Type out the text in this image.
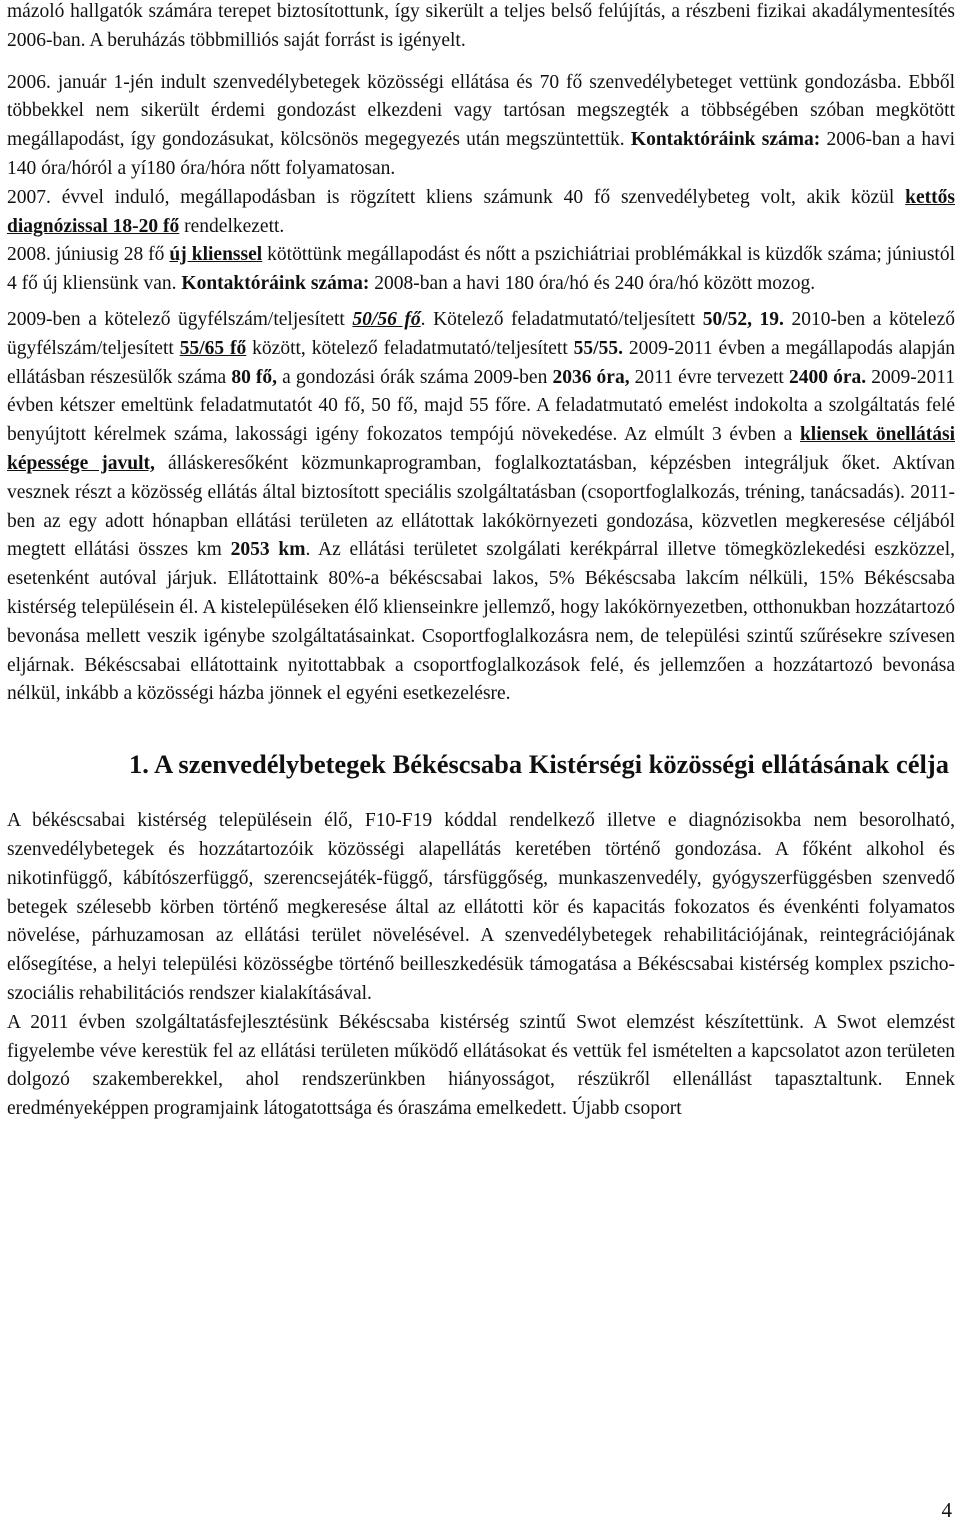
mázoló hallgatók számára terepet biztosítottunk, így sikerült a teljes belső felújítás, a részbeni fizikai akadálymentesítés 2006-ban. A beruházás többmilliós saját forrást is igényelt.

2006. január 1-jén indult szenvedélybetegek közösségi ellátása és 70 fő szenvedélybeteget vettünk gondozásba. Ebből többekkel nem sikerült érdemi gondozást elkezdeni vagy tartósan megszegték a többségében szóban megkötött megállapodást, így gondozásukat, kölcsönös megegyezés után megszüntettük. Kontaktóráink száma: 2006-ban a havi 140 óra/hóról a yí180 óra/hóra nőtt folyamatosan.

2007. évvel induló, megállapodásban is rögzített kliens számunk 40 fő szenvedélybeteg volt, akik közül kettős diagnózissal 18-20 fő rendelkezett.

2008. júniusig 28 fő új klienssel kötöttünk megállapodást és nőtt a pszichiátriai problémákkal is küzdők száma; júniustól 4 fő új kliensünk van. Kontaktóráink száma: 2008-ban a havi 180 óra/hó és 240 óra/hó között mozog.

2009-ben a kötelező ügyfélszám/teljesített 50/56 fő. Kötelező feladatmutató/teljesített 50/52, 19. 2010-ben a kötelező ügyfélszám/teljesített 55/65 fő között, kötelező feladatmutató/teljesített 55/55. 2009-2011 évben a megállapodás alapján ellátásban részesülők száma 80 fő, a gondozási órák száma 2009-ben 2036 óra, 2011 évre tervezett 2400 óra. 2009-2011 évben kétszer emeltünk feladatmutatót 40 fő, 50 fő, majd 55 főre. A feladatmutató emelést indokolta a szolgáltatás felé benyújtott kérelmek száma, lakossági igény fokozatos tempójú növekedése. Az elmúlt 3 évben a kliensek önellátási képessége javult, álláskeresőként közmunkaprogramban, foglalkoztatásban, képzésben integráljuk őket. Aktívan vesznek részt a közösség ellátás által biztosított speciális szolgáltatásban (csoportfoglalkozás, tréning, tanácsadás). 2011-ben az egy adott hónapban ellátási területen az ellátottak lakókörnyezeti gondozása, közvetlen megkeresése céljából megtett ellátási összes km 2053 km. Az ellátási területet szolgálati kerékpárral illetve tömegközlekedési eszközzel, esetenként autóval járjuk. Ellátottaink 80%-a békéscsabai lakos, 5% Békéscsaba lakcím nélküli, 15% Békéscsaba kistérség településein él. A kistelepüléseken élő klienseinkre jellemző, hogy lakókörnyezetben, otthonukban hozzátartozó bevonása mellett veszik igénybe szolgáltatásainkat. Csoportfoglalkozásra nem, de települési szintű szűrésekre szívesen eljárnak. Békéscsabai ellátottaink nyitottabbak a csoportfoglalkozások felé, és jellemzően a hozzátartozó bevonása nélkül, inkább a közösségi házba jönnek el egyéni esetkezelésre.

1. A szenvedélybetegek Békéscsaba Kistérségi közösségi ellátásának célja

A békéscsabai kistérség településein élő, F10-F19 kóddal rendelkező illetve e diagnózisokba nem besorolható, szenvedélybetegek és hozzátartozóik közösségi alapellátás keretében történő gondozása. A főként alkohol és nikotinfüggő, kábítószerfüggő, szerencsejáték-függő, társfüggőség, munkaszenvedély, gyógyszerfüggésben szenvedő betegek szélesebb körben történő megkeresése által az ellátotti kör és kapacitás fokozatos és évenkénti folyamatos növelése, párhuzamosan az ellátási terület növelésével. A szenvedélybetegek rehabilitációjának, reintegrációjának elősegítése, a helyi települési közösségbe történő beilleszkedésük támogatása a Békéscsabai kistérség komplex pszicho-szociális rehabilitációs rendszer kialakításával.

A 2011 évben szolgáltatásfejlesztésünk Békéscsaba kistérség szintű Swot elemzést készítettünk. A Swot elemzést figyelembe véve kerestük fel az ellátási területen működő ellátásokat és vettük fel ismételten a kapcsolatot azon területen dolgozó szakemberekkel, ahol rendszerünkben hiányosságot, részükről ellenállást tapasztaltunk. Ennek eredményeképpen programjaink látogatottsága és óraszáma emelkedett. Újabb csoport

4
